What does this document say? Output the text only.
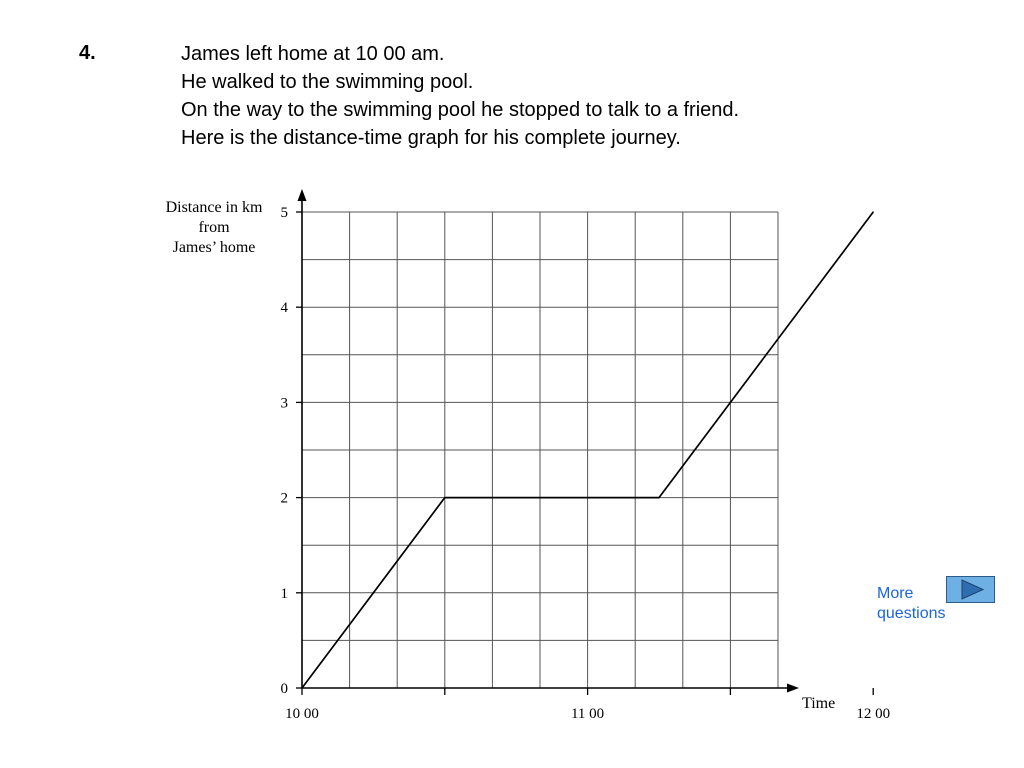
4.	James left home at 10 00 am.
He walked to the swimming pool.
On the way to the swimming pool he stopped to talk to a friend.
Here is the distance-time graph for his complete journey.
0
1
2
3
4
5
10 00	11 00	12 00
Distance in km
from
James’ home
Time
More
questions
